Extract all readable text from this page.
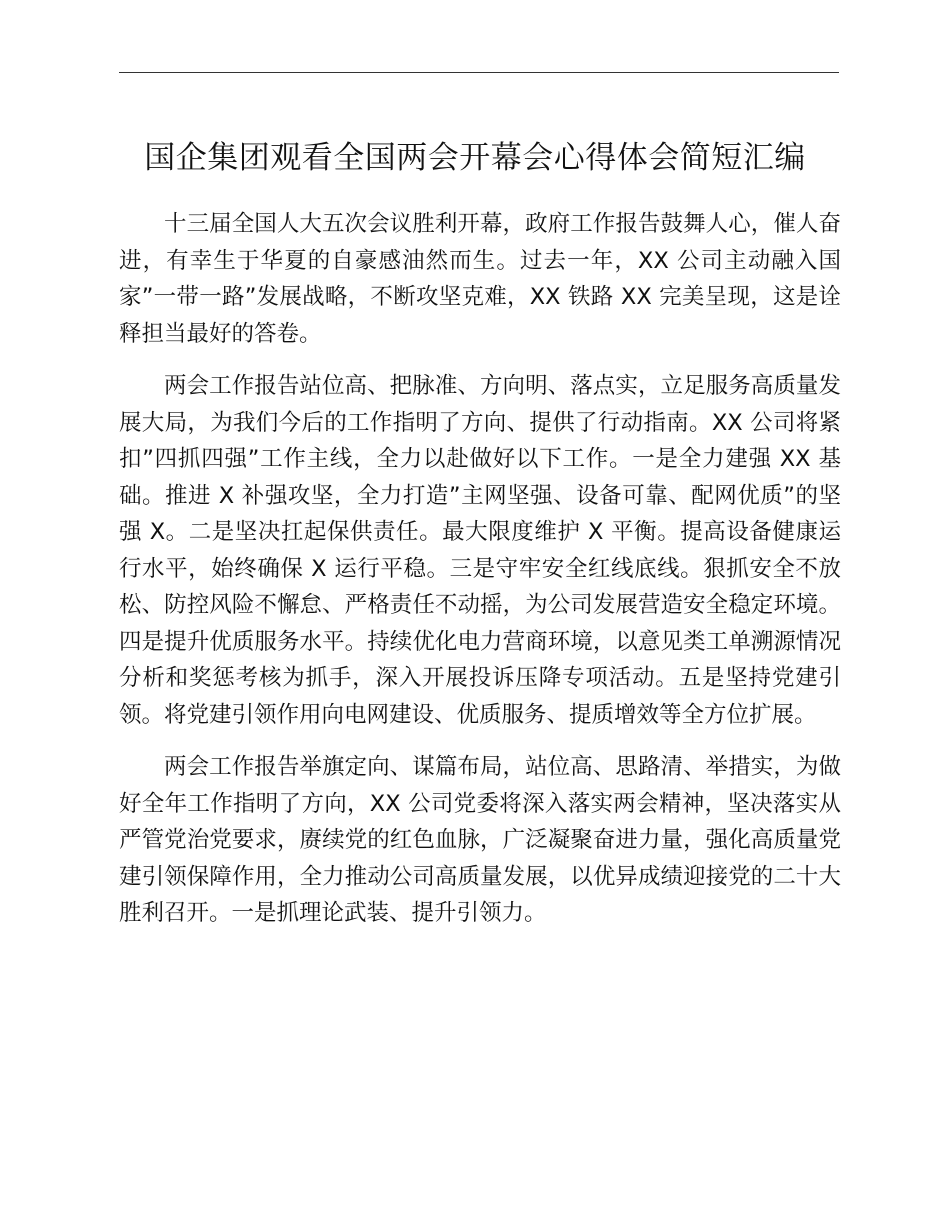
国企集团观看全国两会开幕会心得体会简短汇编

十三届全国人大五次会议胜利开幕，政府工作报告鼓舞人心，催人奋进，有幸生于华夏的自豪感油然而生。过去一年，XX 公司主动融入国家”一带一路”发展战略，不断攻坚克难，XX 铁路 XX 完美呈现，这是诠释担当最好的答卷。

两会工作报告站位高、把脉准、方向明、落点实，立足服务高质量发展大局，为我们今后的工作指明了方向、提供了行动指南。XX 公司将紧扣”四抓四强”工作主线，全力以赴做好以下工作。一是全力建强 XX 基础。推进 X 补强攻坚，全力打造”主网坚强、设备可靠、配网优质”的坚强 X。二是坚决扛起保供责任。最大限度维护 X 平衡。提高设备健康运行水平，始终确保 X 运行平稳。三是守牢安全红线底线。狠抓安全不放松、防控风险不懈怠、严格责任不动摇，为公司发展营造安全稳定环境。四是提升优质服务水平。持续优化电力营商环境，以意见类工单溯源情况分析和奖惩考核为抓手，深入开展投诉压降专项活动。五是坚持党建引领。将党建引领作用向电网建设、优质服务、提质增效等全方位扩展。

两会工作报告举旗定向、谋篇布局，站位高、思路清、举措实，为做好全年工作指明了方向，XX 公司党委将深入落实两会精神，坚决落实从严管党治党要求，赓续党的红色血脉，广泛凝聚奋进力量，强化高质量党建引领保障作用，全力推动公司高质量发展，以优异成绩迎接党的二十大胜利召开。一是抓理论武装、提升引领力。
